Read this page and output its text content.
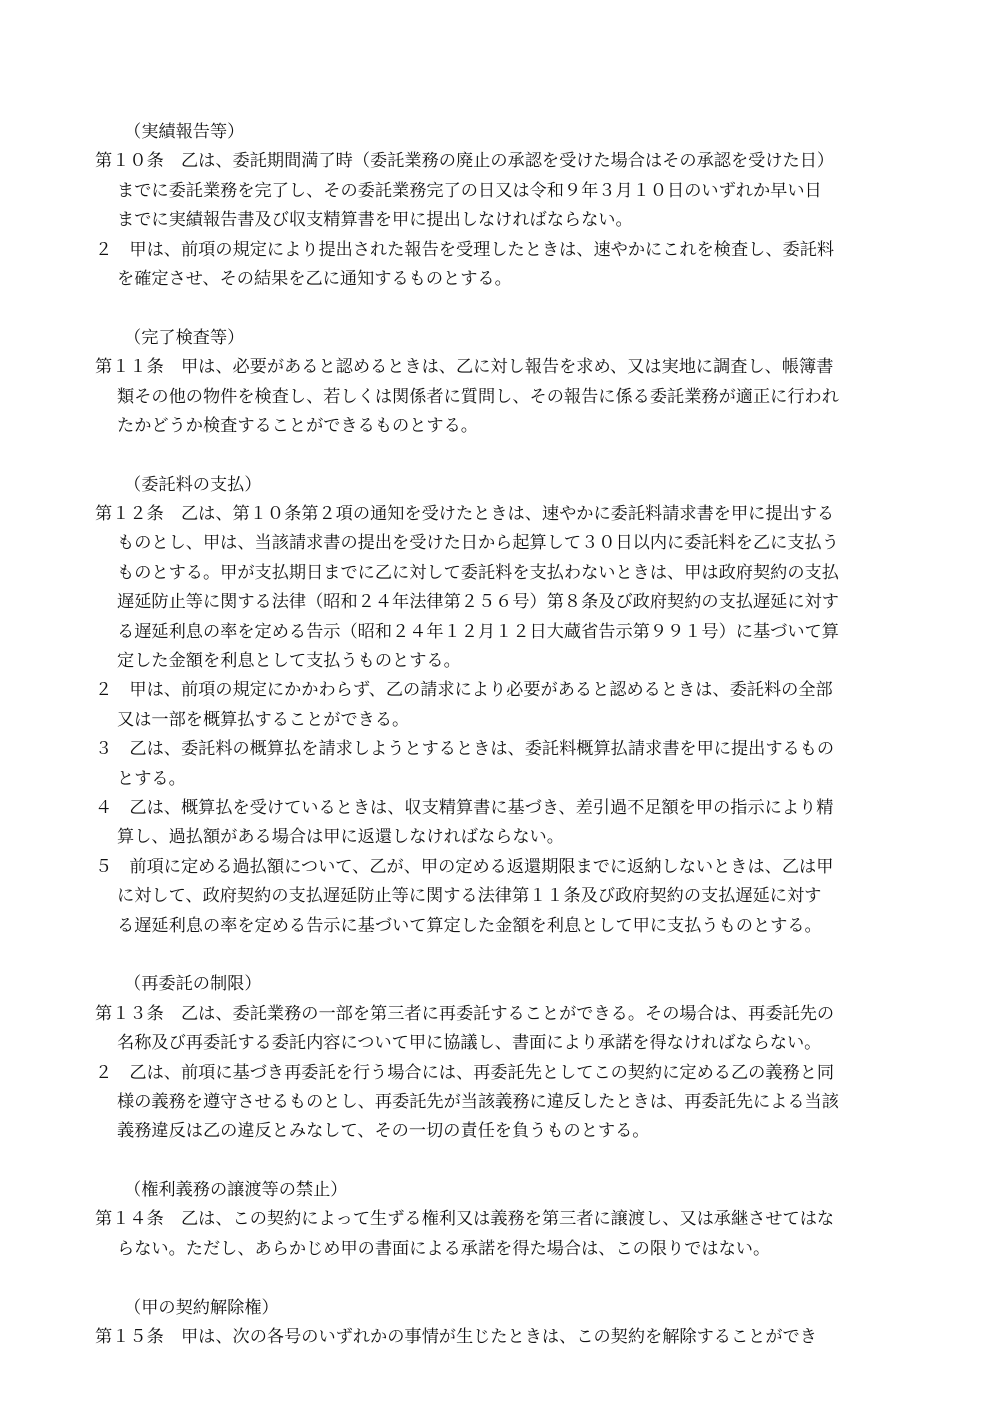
（実績報告等）
第１０条　乙は、委託期間満了時（委託業務の廃止の承認を受けた場合はその承認を受けた日）
までに委託業務を完了し、その委託業務完了の日又は令和９年３月１０日のいずれか早い日
までに実績報告書及び収支精算書を甲に提出しなければならない。
２　甲は、前項の規定により提出された報告を受理したときは、速やかにこれを検査し、委託料
を確定させ、その結果を乙に通知するものとする。
（完了検査等）
第１１条　甲は、必要があると認めるときは、乙に対し報告を求め、又は実地に調査し、帳簿書
類その他の物件を検査し、若しくは関係者に質問し、その報告に係る委託業務が適正に行われ
たかどうか検査することができるものとする。
（委託料の支払）
第１２条　乙は、第１０条第２項の通知を受けたときは、速やかに委託料請求書を甲に提出する
ものとし、甲は、当該請求書の提出を受けた日から起算して３０日以内に委託料を乙に支払う
ものとする。甲が支払期日までに乙に対して委託料を支払わないときは、甲は政府契約の支払
遅延防止等に関する法律（昭和２４年法律第２５６号）第８条及び政府契約の支払遅延に対す
る遅延利息の率を定める告示（昭和２４年１２月１２日大蔵省告示第９９１号）に基づいて算
定した金額を利息として支払うものとする。
２　甲は、前項の規定にかかわらず、乙の請求により必要があると認めるときは、委託料の全部
又は一部を概算払することができる。
３　乙は、委託料の概算払を請求しようとするときは、委託料概算払請求書を甲に提出するもの
とする。
４　乙は、概算払を受けているときは、収支精算書に基づき、差引過不足額を甲の指示により精
算し、過払額がある場合は甲に返還しなければならない。
５　前項に定める過払額について、乙が、甲の定める返還期限までに返納しないときは、乙は甲
に対して、政府契約の支払遅延防止等に関する法律第１１条及び政府契約の支払遅延に対す
る遅延利息の率を定める告示に基づいて算定した金額を利息として甲に支払うものとする。
（再委託の制限）
第１３条　乙は、委託業務の一部を第三者に再委託することができる。その場合は、再委託先の
名称及び再委託する委託内容について甲に協議し、書面により承諾を得なければならない。
２　乙は、前項に基づき再委託を行う場合には、再委託先としてこの契約に定める乙の義務と同
様の義務を遵守させるものとし、再委託先が当該義務に違反したときは、再委託先による当該
義務違反は乙の違反とみなして、その一切の責任を負うものとする。
（権利義務の譲渡等の禁止）
第１４条　乙は、この契約によって生ずる権利又は義務を第三者に譲渡し、又は承継させてはな
らない。ただし、あらかじめ甲の書面による承諾を得た場合は、この限りではない。
（甲の契約解除権）
第１５条　甲は、次の各号のいずれかの事情が生じたときは、この契約を解除することができ
